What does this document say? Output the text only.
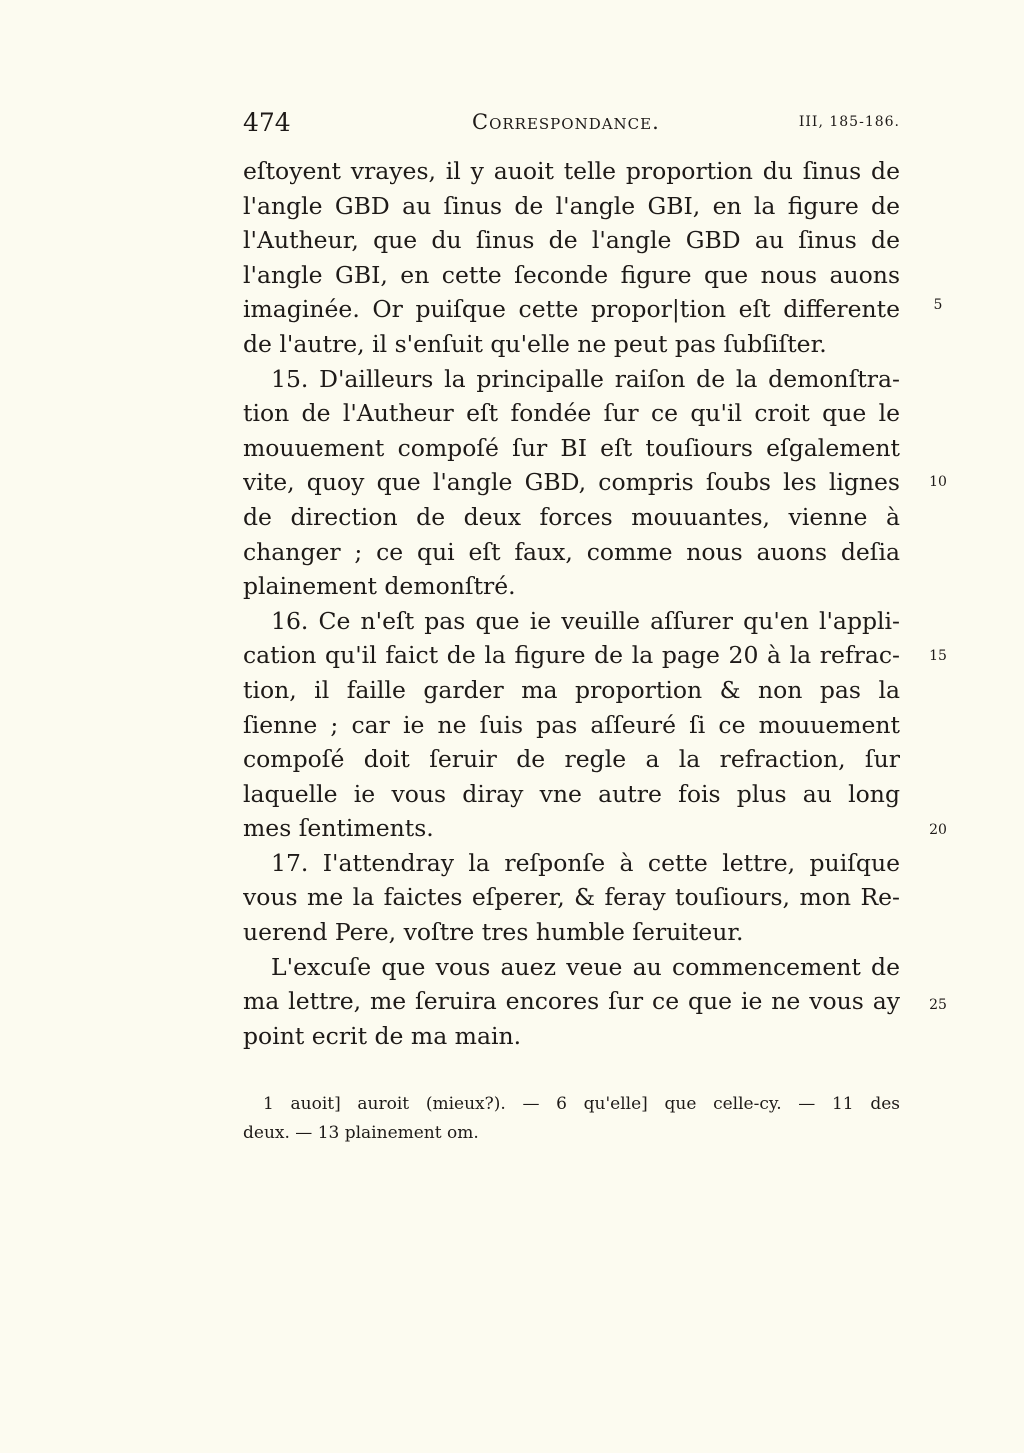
474	Correspondance.	III, 185-186.
eſtoyent vrayes, il y auoit telle proportion du ſinus de
l'angle GBD au ſinus de l'angle GBI, en la figure de
l'Autheur, que du ſinus de l'angle GBD au ſinus de
l'angle GBI, en cette ſeconde figure que nous auons
imaginée. Or puiſque cette propor|tion eſt differente
de l'autre, il s'enſuit qu'elle ne peut pas ſubſiſter.
15. D'ailleurs la principalle raiſon de la demonſtra-
tion de l'Autheur eſt fondée ſur ce qu'il croit que le
mouuement compoſé ſur BI eſt touſiours eſgalement
vite, quoy que l'angle GBD, compris ſoubs les lignes
de direction de deux forces mouuantes, vienne à
changer ; ce qui eſt faux, comme nous auons deſia
plainement demonſtré.
16. Ce n'eſt pas que ie veuille aſſurer qu'en l'appli-
cation qu'il faict de la figure de la page 20 à la refrac-
tion, il faille garder ma proportion & non pas la
ſienne ; car ie ne ſuis pas aſſeuré ſi ce mouuement
compoſé doit ſeruir de regle a la refraction, ſur
laquelle ie vous diray vne autre fois plus au long
mes ſentiments.
17. I'attendray la reſponſe à cette lettre, puiſque
vous me la faictes eſperer, & feray touſiours, mon Re-
uerend Pere, voſtre tres humble ſeruiteur.
L'excuſe que vous auez veue au commencement de
ma lettre, me ſeruira encores ſur ce que ie ne vous ay
point ecrit de ma main.
5
10
15
20
25
1 auoit] auroit (mieux?). — 6 qu'elle] que celle-cy. — 11 des
deux. — 13 plainement om.
